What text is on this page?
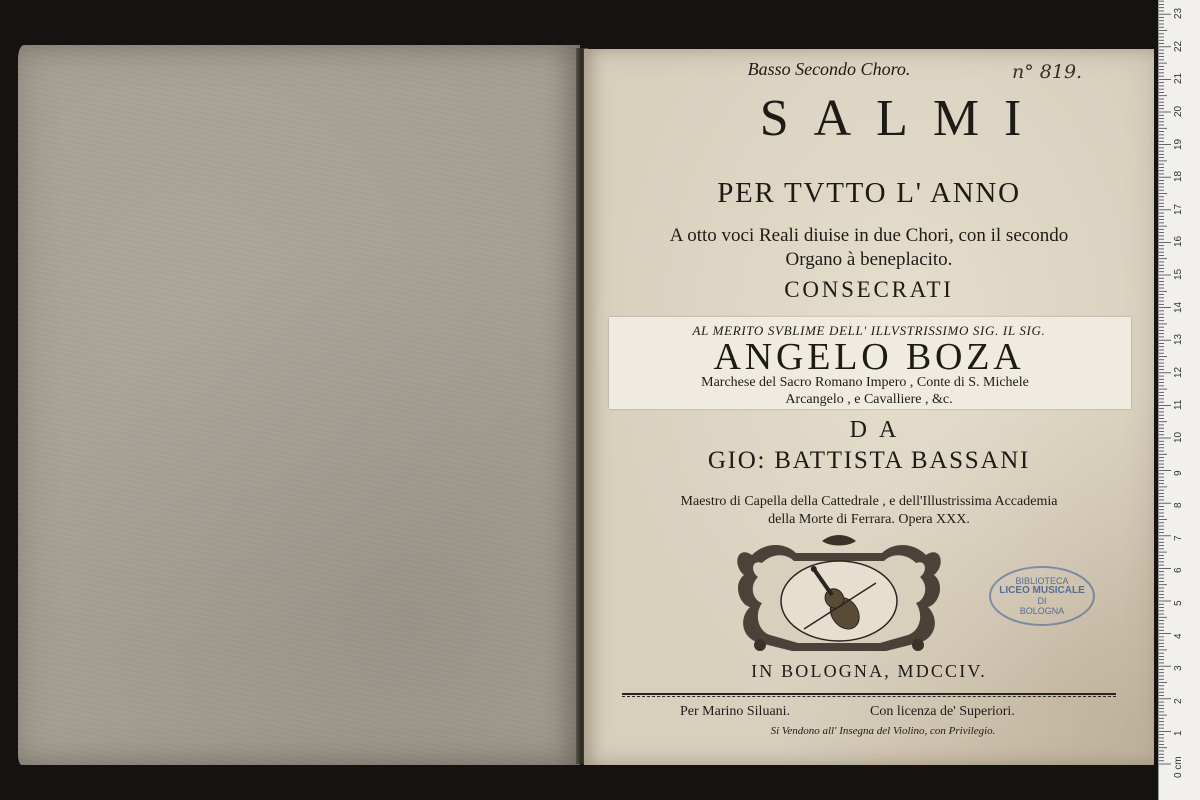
Basso Secondo Choro.	n° 819.
SALMI
PER TVTTO L' ANNO
A otto voci Reali diuise in due Chori, con il secondo
Organo à beneplacito.
CONSECRATI
AL MERITO SVBLIME DELL' ILLVSTRISSIMO SIG. IL SIG.
ANGELO BOZA
Marchese del Sacro Romano Impero , Conte di S. Michele
Arcangelo , e Cavalliere , &c.
DA
GIO: BATTISTA BASSANI
Maestro di Capella della Cattedrale , e dell'Illustrissima Accademia
della Morte di Ferrara. Opera XXX.
BIBLIOTECA
LICEO MUSICALE
DI
BOLOGNA
IN BOLOGNA, MDCCIV.
Per Marino Siluani.	Con licenza de' Superiori.
Si Vendono all' Insegna del Violino, con Privilegio.
0 cm
1
2
3
4
5
6
7
8
9
10
11
12
13
14
15
16
17
18
19
20
21
22
23
